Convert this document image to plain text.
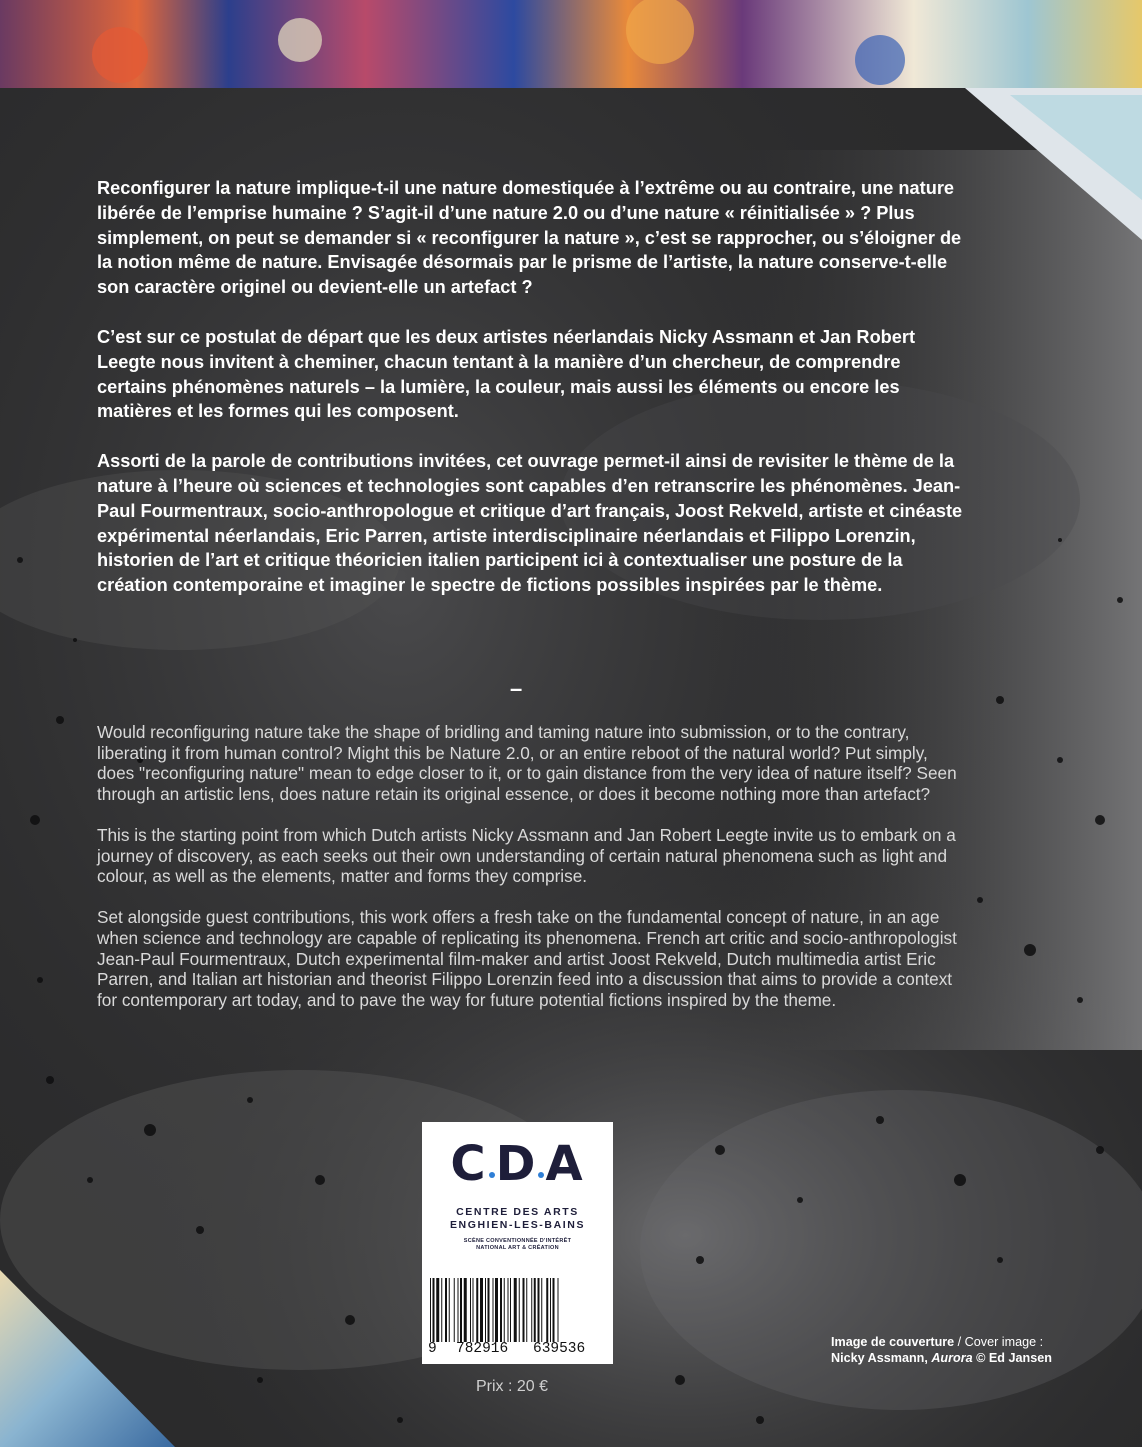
Reconfigurer la nature implique-t-il une nature domestiquée à l’extrême ou au contraire, une nature libérée de l’emprise humaine ? S’agit-il d’une nature 2.0 ou d’une nature « réinitialisée » ? Plus simplement, on peut se demander si « reconfigurer la nature », c’est se rapprocher, ou s’éloigner de la notion même de nature. Envisagée désormais par le prisme de l’artiste, la nature conserve-t-elle son caractère originel ou devient-elle un artefact ?

C’est sur ce postulat de départ que les deux artistes néerlandais Nicky Assmann et Jan Robert Leegte nous invitent à cheminer, chacun tentant à la manière d’un chercheur, de comprendre certains phénomènes naturels – la lumière, la couleur, mais aussi les éléments ou encore les matières et les formes qui les composent.

Assorti de la parole de contributions invitées, cet ouvrage permet-il ainsi de revisiter le thème de la nature à l’heure où sciences et technologies sont capables d’en retranscrire les phénomènes. Jean-Paul Fourmentraux, socio-anthropologue et critique d’art français, Joost Rekveld, artiste et cinéaste expérimental néerlandais, Eric Parren, artiste interdisciplinaire néerlandais et Filippo Lorenzin, historien de l’art et critique théoricien italien participent ici à contextualiser une posture de la création contemporaine et imaginer le spectre de fictions possibles inspirées par le thème.

–

Would reconfiguring nature take the shape of bridling and taming nature into submission, or to the contrary, liberating it from human control? Might this be Nature 2.0, or an entire reboot of the natural world? Put simply, does "reconfiguring nature" mean to edge closer to it, or to gain distance from the very idea of nature itself? Seen through an artistic lens, does nature retain its original essence, or does it become nothing more than artefact?

This is the starting point from which Dutch artists Nicky Assmann and Jan Robert Leegte invite us to embark on a journey of discovery, as each seeks out their own understanding of certain natural phenomena such as light and colour, as well as the elements, matter and forms they comprise.

Set alongside guest contributions, this work offers a fresh take on the fundamental concept of nature, in an age when science and technology are capable of replicating its phenomena. French art critic and socio-anthropologist Jean-Paul Fourmentraux, Dutch experimental film-maker and artist Joost Rekveld, Dutch multimedia artist Eric Parren, and Italian art historian and theorist Filippo Lorenzin feed into a discussion that aims to provide a context for contemporary art today, and to pave the way for future potential fictions inspired by the theme.

C D A
CENTRE DES ARTS
ENGHIEN-LES-BAINS
SCÈNE CONVENTIONNÉE D'INTÉRÊT
NATIONAL ART & CRÉATION
9 782916 639536
Prix : 20 €
Image de couverture / Cover image :
Nicky Assmann, Aurora © Ed Jansen
